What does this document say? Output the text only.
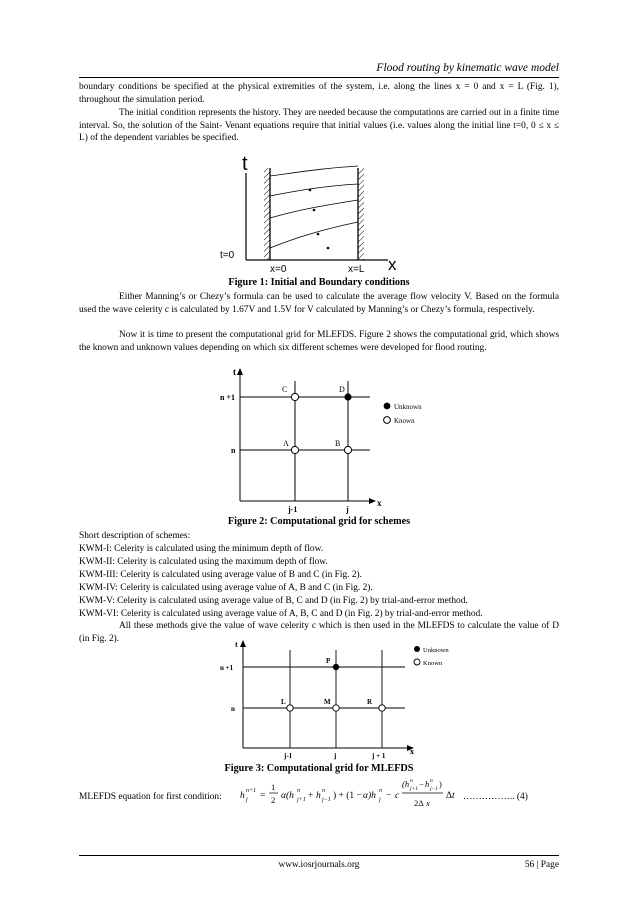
Flood routing by kinematic wave model
boundary conditions be specified at the physical extremities of the system, i.e. along the lines x = 0 and x = L (Fig. 1), throughout the simulation period.
The initial condition represents the history. They are needed because the computations are carried out in a finite time interval. So, the solution of the Saint- Venant equations require that initial values (i.e. values along the initial line t=0, 0 ≤ x ≤ L) of the dependent variables be specified.
t
x
t=0
x=0	x=L
Figure 1: Initial and Boundary conditions
Either Manning’s or Chezy’s formula can be used to calculate the average flow velocity V. Based on the formula used the wave celerity c is calculated by 1.67V and 1.5V for V calculated by Manning’s or Chezy’s formula, respectively.
Now it is time to present the computational grid for MLEFDS. Figure 2 shows the computational grid, which shows the known and unknown values depending on which six different schemes were developed for flood routing.
t
x
n +1
n
j-1	j
C	D
A	B
Unknown
Known
Figure 2: Computational grid for schemes
Short description of schemes:
KWM-I: Celerity is calculated using the minimum depth of flow.
KWM-II: Celerity is calculated using the maximum depth of flow.
KWM-III: Celerity is calculated using average value of B and C (in Fig. 2).
KWM-IV: Celerity is calculated using average value of A, B and C (in Fig. 2).
KWM-V: Celerity is calculated using average value of B, C and D (in Fig. 2) by trial-and-error method.
KWM-VI: Celerity is calculated using average value of A, B, C and D (in Fig. 2) by trial-and-error method.
All these methods give the value of wave celerity c which is then used in the MLEFDS to calculate the value of D (in Fig. 2).
t
x
n +1
n
j-1	j	j + 1
P
L	M	R
Unknown
Known
Figure 3: Computational grid for MLEFDS
MLEFDS equation for first condition: h n+1
j =
1
2 α(h n
j+1 + h n
j−1 ) + (1 − α)h n
j − c
(h n
j+1 − h n
j−1 )
2Δ x
Δ t …………….. (4)
www.iosrjournals.org	56 | Page
